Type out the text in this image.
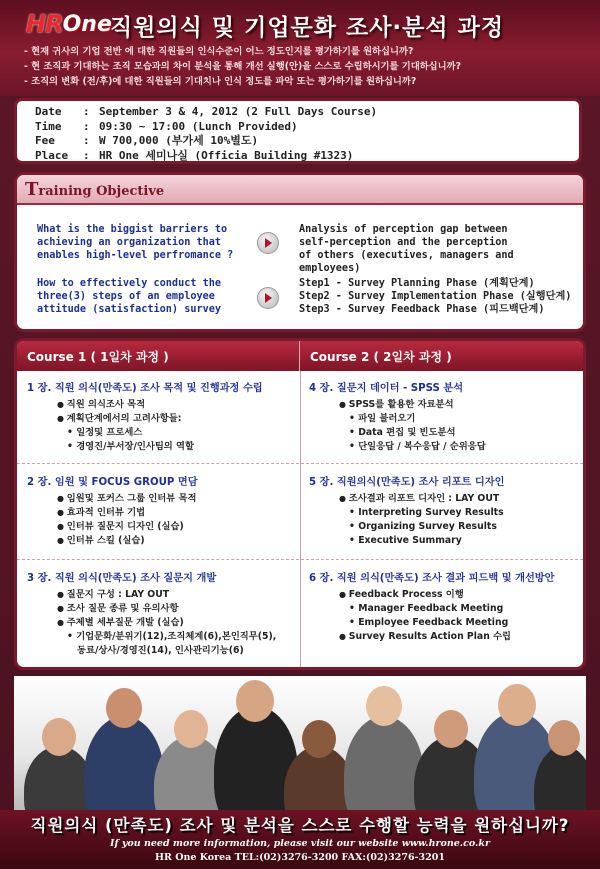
HR One
직원의식 및 기업문화 조사·분석 과정
- 현재 귀사의 기업 전반 에 대한 직원들의 인식수준이 어느 정도인지를 평가하기를 원하십니까?
- 현 조직과 기대하는 조직 모습과의 차이 분석을 통해 개선 실행(안)을 스스로 수립하시기를 기대하십니까?
- 조직의 변화 (전/후)에 대한 직원들의 기대치나 인식 정도를 파악 또는 평가하기를 원하십니까?
Date	: September 3 & 4, 2012 (2 Full Days Course)
Time	: 09:30 ~ 17:00 (Lunch Provided)
Fee	: W 700,000 (부가세 10%별도)
Place	: HR One 세미나실 (Officia Building #1323)
Training Objective
What is the biggist barriers to
achieving an organization that
enables high-level perfromance ?
Analysis of perception gap between
self-perception and the perception
of others (executives, managers and employees)
How to effectively conduct the
three(3) steps of an employee
attitude (satisfaction) survey
Step1 - Survey Planning Phase (계획단계)
Step2 - Survey Implementation Phase (실행단계)
Step3 - Survey Feedback Phase (피드백단계)
Course 1 ( 1일차 과정 )	Course 2 ( 2일차 과정 )
1 장. 직원 의식(만족도) 조사 목적 및 진행과정 수립
● 직원 의식조사 목적
● 계획단계에서의 고려사항들:
• 일정및 프로세스
• 경영진/부서장/인사팀의 역할
4 장. 질문지 데이터 - SPSS 분석
● SPSS를 활용한 자료분석
• 파일 불러오기
• Data 편집 및 빈도분석
• 단일응답 / 복수응답 / 순위응답
2 장. 임원 및 FOCUS GROUP 면담
● 임원및 포커스 그룹 인터뷰 목적
● 효과적 인터뷰 기법
● 인터뷰 질문지 디자인 (실습)
● 인터뷰 스킬 (실습)
5 장. 직원의식(만족도) 조사 리포트 디자인
● 조사결과 리포트 디자인 : LAY OUT
• Interpreting Survey Results
• Organizing Survey Results
• Executive Summary
3 장. 직원 의식(만족도) 조사 질문지 개발
● 질문지 구성 : LAY OUT
● 조사 질문 종류 및 유의사항
● 주제별 세부질문 개발 (실습)
• 기업문화/분위기(12),조직체계(6),본인직무(5),
동료/상사/경영진(14), 인사관리기능(6)
6 장. 직원 의식(만족도) 조사 결과 피드백 및 개선방안
● Feedback Process 이행
• Manager Feedback Meeting
• Employee Feedback Meeting
● Survey Results Action Plan 수립
직원의식 (만족도) 조사 및 분석을 스스로 수행할 능력을 원하십니까?
If you need more information, please visit our website www.hrone.co.kr
HR One Korea TEL:(02)3276-3200 FAX:(02)3276-3201
